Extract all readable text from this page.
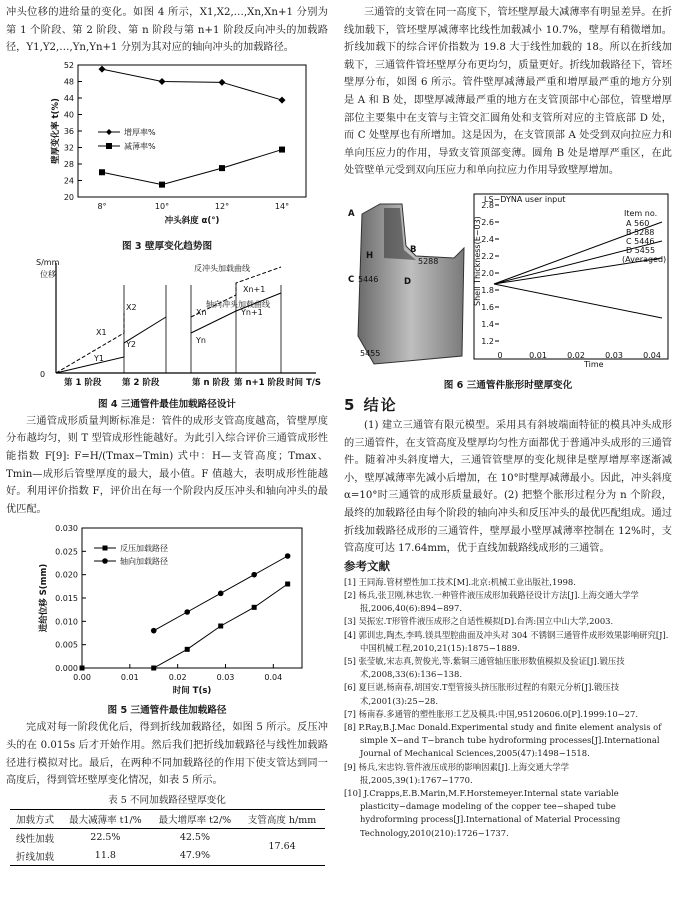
冲头位移的进给量的变化。如图 4 所示，X1,X2,…,Xn,Xn+1 分别为第 1 个阶段、第 2 阶段、第 n 阶段与第 n+1 阶段反向冲头的加载路径，Y1,Y2,…,Yn,Yn+1 分别为其对应的轴向冲头的加载路径。

20
24
28
32
36
40
44
48
52
8°	10°	12°	14°
冲头斜度 α(°)
壁厚变化率 t(%)	增厚率%
减薄率%
图 3 壁厚变化趋势图
S/mm
位移
0
X1
X2
Y1
Y2
Xn
Yn
Xn+1
Yn+1
反冲头加载曲线
轴向冲头加载曲线
第 1 阶段 第 2 阶段	第 n 阶段 第 n+1 阶段 时间 T/S
图 4 三通管件最佳加载路径设计

三通管成形质量判断标准是：管件的成形支管高度越高，管壁厚度分布越均匀，则 T 型管成形性能越好。为此引入综合评价三通管成形性能指数 F[9]: F=H/(Tmax−Tmin) 式中：H—支管高度；Tmax、Tmin—成形后管壁厚度的最大，最小值。F 值越大，表明成形性能越好。利用评价指数 F，评价出在每一个阶段内反压冲头和轴向冲头的最优匹配。

0.000
0.005
0.010
0.015
0.020
0.025
0.030
0.00	0.01	0.02	0.03	0.04
时间 T(s)
进给位移 S(mm)
反压加载路径
轴向加载路径
图 5 三通管件最佳加载路径

完成对每一阶段优化后，得到折线加载路径，如图 5 所示。反压冲头的在 0.015s 后才开始作用。然后我们把折线加载路径与线性加载路径进行模拟对比。最后，在两种不同加载路径的作用下使支管达到同一高度后，得到管坯壁厚变化情况，如表 5 所示。

表 5 不同加载路径壁厚变化
加载方式	最大减薄率 t1/%	最大增厚率 t2/%	支管高度 h/mm
线性加载	22.5%	42.5%	17.64
折线加载	11.8	47.9%	

三通管的支管在同一高度下，管坯壁厚最大减薄率有明显差异。在折线加载下，管坯壁厚减薄率比线性加载减小 10.7%，壁厚有稍微增加。折线加载下的综合评价指数为 19.8 大于线性加载的 18。所以在折线加载下，三通管件管坯壁厚分布更均匀，质量更好。折线加载路径下，管坯壁厚分布，如图 6 所示。管件壁厚减薄最严重和增厚最严重的地方分别是 A 和 B 处，即壁厚减薄最严重的地方在支管顶部中心部位，管壁增厚部位主要集中在支管与主管交汇圆角处和支管所对应的主管底部 D 处，而 C 处壁厚也有所增加。这是因为，在支管顶部 A 处受到双向拉应力和单向压应力的作用，导致支管顶部变薄。圆角 B 处是增厚严重区，在此处管壁单元受到双向压应力和单向拉应力作用导致壁厚增加。

A
H
B
D
C 5446
5288
5455
LS−DYNA user input
Shell Thickness(E−03)
2.8
2.6
2.4
2.2
2.0
1.8
1.6
1.4
1.2
0	0.01	0.02	0.03	0.04
Time
Item no.
A 560
B 5288
C 5446
D 5455
(Averaged)
图 6 三通管件胀形时壁厚变化
5 结论

(1) 建立三通管有限元模型。采用具有斜坡端面特征的模具冲头成形的三通管件，在支管高度及壁厚均匀性方面都优于普通冲头成形的三通管件。随着冲头斜度增大，三通管管壁厚的变化规律是壁厚增厚率逐渐减小，壁厚减薄率先减小后增加，在 10°时壁厚减薄最小。因此，冲头斜度 α=10°时三通管的成形质量最好。(2) 把整个胀形过程分为 n 个阶段，最终的加载路径由每个阶段的轴向冲头和反压冲头的最优匹配组成。通过折线加载路径成形的三通管件，壁厚最小壁厚减薄率控制在 12%时，支管高度可达 17.64mm，优于直线加载路线成形的三通管。

参考文献
[1] 王同海.管材塑性加工技术[M].北京:机械工业出版社,1998.
[2] 杨兵,张卫刚,林忠钦.一种管件液压成形加载路径设计方法[J].上海交通大学学报,2006,40(6):894−897.
[3] 吴振宏.T形管件液压成形之自适性模拟[D].台湾:国立中山大学,2003.
[4] 郭训忠,陶杰,李鸣.镁具型腔曲面及冲头对 304 不锈钢三通管件成形效果影响研究[J].中国机械工程,2010,21(15):1875−1889.
[5] 张莹敏,宋志真,贺俊光,等.紫铜三通管轴压胀形数值模拟及验证[J].锻压技术,2008,33(6):136−138.
[6] 夏巨谌,杨南春,胡国安.T型管接头挤压胀形过程的有限元分析[J].锻压技术,2001(3):25−28.
[7] 杨南春.多通管的塑性胀形工艺及模具:中国,95120606.0[P].1999:10−27.
[8] P.Ray,B.J.Mac Donald.Experimental study and finite element analysis of simple X−and T−branch tube hydroforming processes[J].International Journal of Mechanical Sciences,2005(47):1498−1518.
[9] 杨兵,宋忠钧.管件液压成形的影响因素[J].上海交通大学学报,2005,39(1):1767−1770.
[10] J.Crapps,E.B.Marin,M.F.Horstemeyer.Internal state variable plasticity−damage modeling of the copper tee−shaped tube hydroforming process[J].International of Material Processing Technology,2010(210):1726−1737.
